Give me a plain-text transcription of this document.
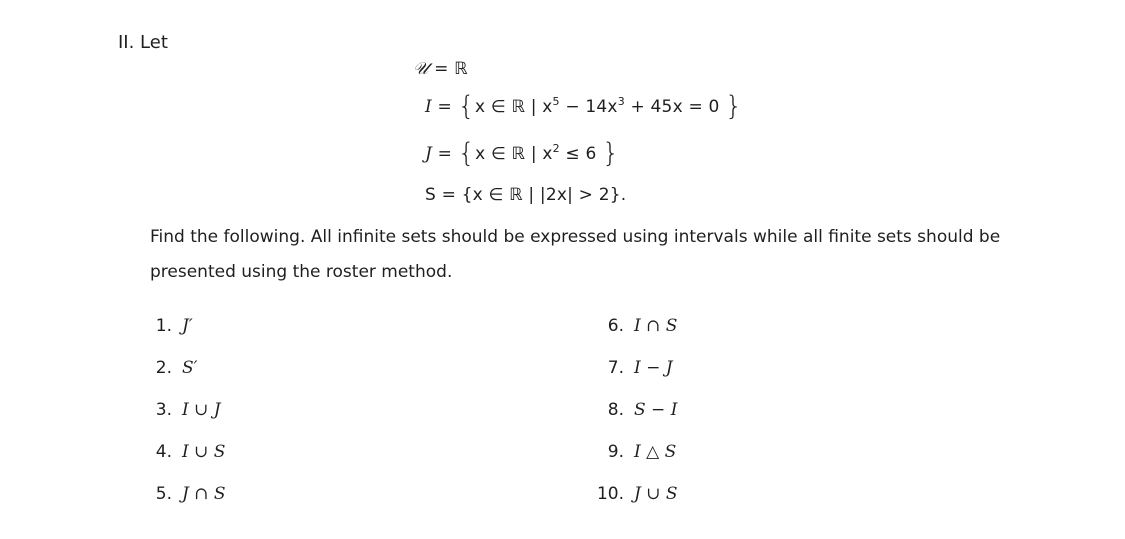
II. Let
𝒰 = ℝ
I = {x ∈ ℝ | $x^5 - 14x^3 + 45x = 0$ }
J = {x ∈ ℝ | $x^2 \le 6$ }
S = {x ∈ ℝ | |2x| > 2}.
Find the following. All infinite sets should be expressed using intervals while all finite sets should be presented using the roster method.
1. J′
2. S′
3. I ∪ J
4. I ∪ S
5. J ∩ S
6. I ∩ S
7. I − J
8. S − I
9. I △ S
10. J ∪ S
